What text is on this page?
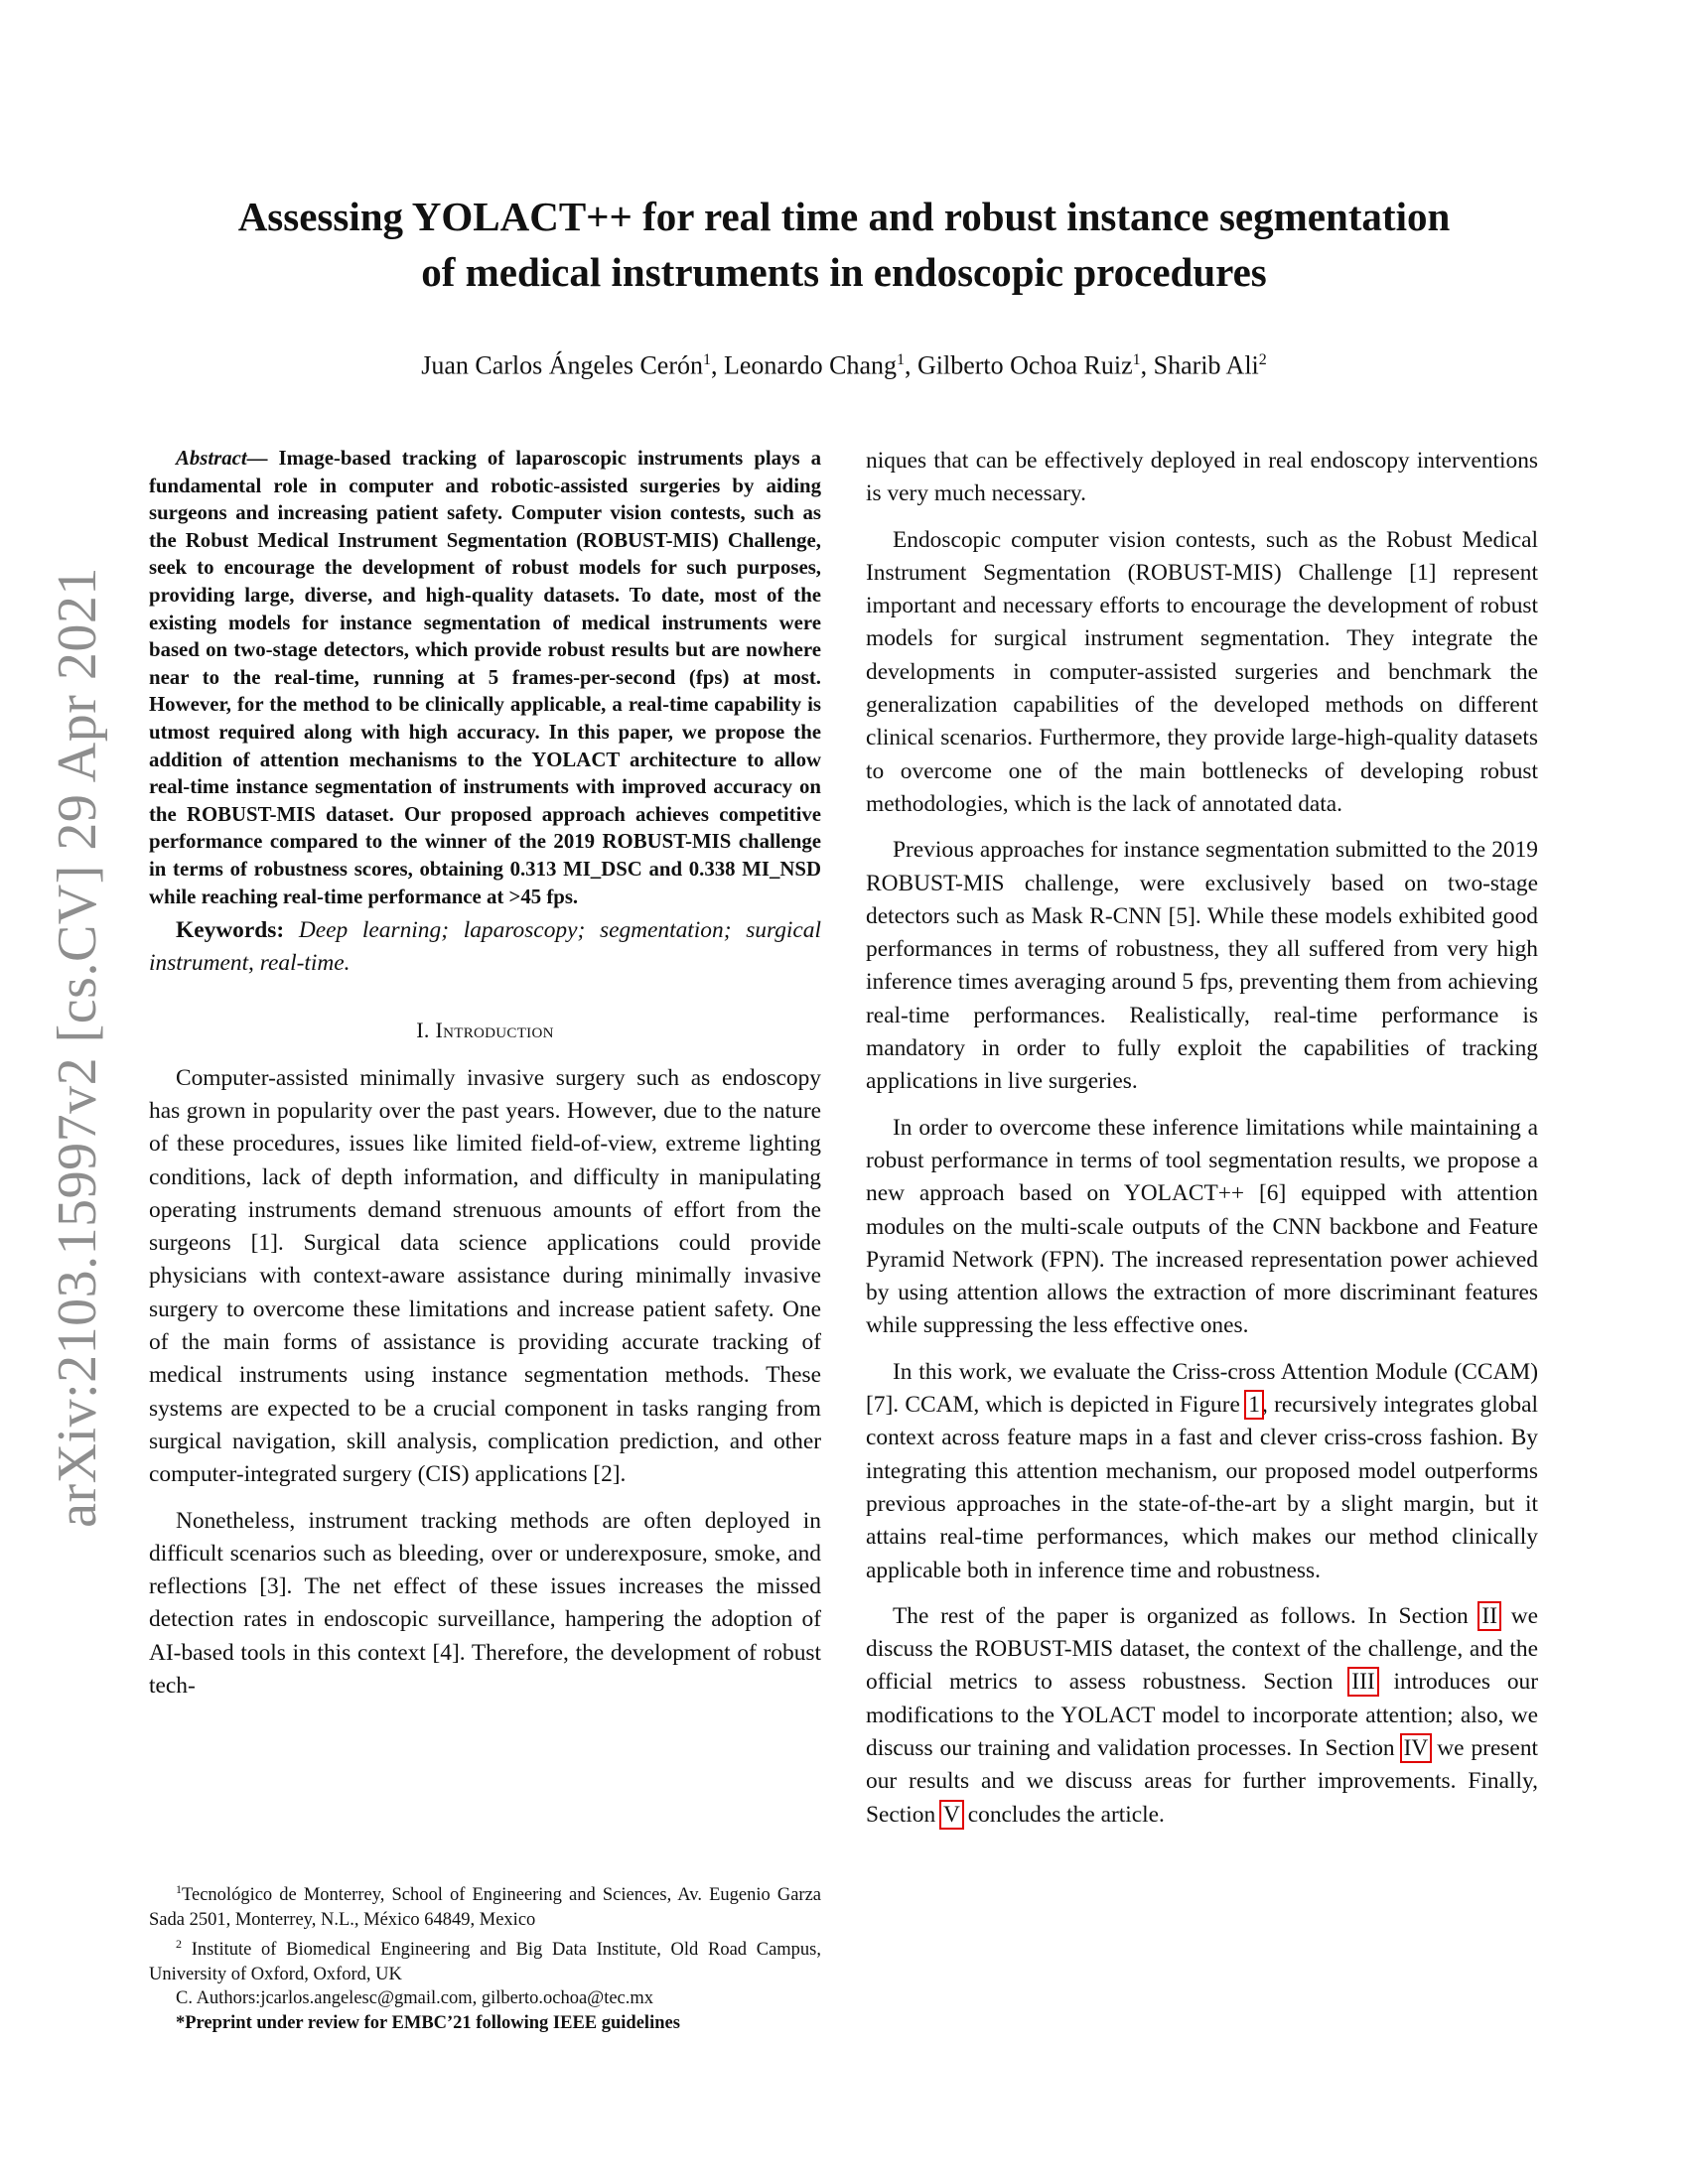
arXiv:2103.15997v2 [cs.CV] 29 Apr 2021
Assessing YOLACT++ for real time and robust instance segmentation
of medical instruments in endoscopic procedures
Juan Carlos Ángeles Cerón$^1$, Leonardo Chang$^1$, Gilberto Ochoa Ruiz$^1$, Sharib Ali$^2$

Abstract— Image-based tracking of laparoscopic instruments plays a fundamental role in computer and robotic-assisted surgeries by aiding surgeons and increasing patient safety. Computer vision contests, such as the Robust Medical Instrument Segmentation (ROBUST-MIS) Challenge, seek to encourage the development of robust models for such purposes, providing large, diverse, and high-quality datasets. To date, most of the existing models for instance segmentation of medical instruments were based on two-stage detectors, which provide robust results but are nowhere near to the real-time, running at 5 frames-per-second (fps) at most. However, for the method to be clinically applicable, a real-time capability is utmost required along with high accuracy. In this paper, we propose the addition of attention mechanisms to the YOLACT architecture to allow real-time instance segmentation of instruments with improved accuracy on the ROBUST-MIS dataset. Our proposed approach achieves competitive performance compared to the winner of the 2019 ROBUST-MIS challenge in terms of robustness scores, obtaining 0.313 MI_DSC and 0.338 MI_NSD while reaching real-time performance at >45 fps.

Keywords: Deep learning; laparoscopy; segmentation; surgical instrument, real-time.

I. Introduction

Computer-assisted minimally invasive surgery such as endoscopy has grown in popularity over the past years. However, due to the nature of these procedures, issues like limited field-of-view, extreme lighting conditions, lack of depth information, and difficulty in manipulating operating instruments demand strenuous amounts of effort from the surgeons [1]. Surgical data science applications could provide physicians with context-aware assistance during minimally invasive surgery to overcome these limitations and increase patient safety. One of the main forms of assistance is providing accurate tracking of medical instruments using instance segmentation methods. These systems are expected to be a crucial component in tasks ranging from surgical navigation, skill analysis, complication prediction, and other computer-integrated surgery (CIS) applications [2].

Nonetheless, instrument tracking methods are often deployed in difficult scenarios such as bleeding, over or underexposure, smoke, and reflections [3]. The net effect of these issues increases the missed detection rates in endoscopic surveillance, hampering the adoption of AI-based tools in this context [4]. Therefore, the development of robust tech-

$^1$Tecnológico de Monterrey, School of Engineering and Sciences, Av. Eugenio Garza Sada 2501, Monterrey, N.L., México 64849, Mexico

$^2$ Institute of Biomedical Engineering and Big Data Institute, Old Road Campus, University of Oxford, Oxford, UK

C. Authors:jcarlos.angelesc@gmail.com, gilberto.ochoa@tec.mx

*Preprint under review for EMBC’21 following IEEE guidelines

niques that can be effectively deployed in real endoscopy interventions is very much necessary.

Endoscopic computer vision contests, such as the Robust Medical Instrument Segmentation (ROBUST-MIS) Challenge [1] represent important and necessary efforts to encourage the development of robust models for surgical instrument segmentation. They integrate the developments in computer-assisted surgeries and benchmark the generalization capabilities of the developed methods on different clinical scenarios. Furthermore, they provide large-high-quality datasets to overcome one of the main bottlenecks of developing robust methodologies, which is the lack of annotated data.

Previous approaches for instance segmentation submitted to the 2019 ROBUST-MIS challenge, were exclusively based on two-stage detectors such as Mask R-CNN [5]. While these models exhibited good performances in terms of robustness, they all suffered from very high inference times averaging around 5 fps, preventing them from achieving real-time performances. Realistically, real-time performance is mandatory in order to fully exploit the capabilities of tracking applications in live surgeries.

In order to overcome these inference limitations while maintaining a robust performance in terms of tool segmentation results, we propose a new approach based on YOLACT++ [6] equipped with attention modules on the multi-scale outputs of the CNN backbone and Feature Pyramid Network (FPN). The increased representation power achieved by using attention allows the extraction of more discriminant features while suppressing the less effective ones.

In this work, we evaluate the Criss-cross Attention Module (CCAM) [7]. CCAM, which is depicted in Figure 1, recursively integrates global context across feature maps in a fast and clever criss-cross fashion. By integrating this attention mechanism, our proposed model outperforms previous approaches in the state-of-the-art by a slight margin, but it attains real-time performances, which makes our method clinically applicable both in inference time and robustness.

The rest of the paper is organized as follows. In Section II we discuss the ROBUST-MIS dataset, the context of the challenge, and the official metrics to assess robustness. Section III introduces our modifications to the YOLACT model to incorporate attention; also, we discuss our training and validation processes. In Section IV we present our results and we discuss areas for further improvements. Finally, Section V concludes the article.
